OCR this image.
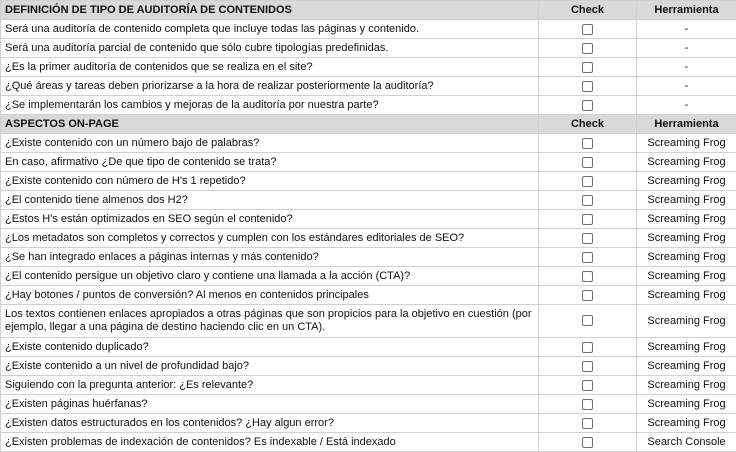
DEFINICIÓN DE TIPO DE AUDITORÍA DE CONTENIDOS	Check	Herramienta
Será una auditoría de contenido completa que incluye todas las páginas y contenido.		-
Será una auditoría parcial de contenido que sólo cubre tipologías predefinidas.		-
¿Es la primer auditoría de contenidos que se realiza en el site?		-
¿Qué áreas y tareas deben priorizarse a la hora de realizar posteriormente la auditoría?		-
¿Se implementarán los cambios y mejoras de la auditoría por nuestra parte?		-
ASPECTOS ON-PAGE	Check	Herramienta
¿Existe contenido con un número bajo de palabras?		Screaming Frog
En caso, afirmativo ¿De que tipo de contenido se trata?		Screaming Frog
¿Existe contenido con número de H's 1 repetido?		Screaming Frog
¿El contenido tiene almenos dos H2?		Screaming Frog
¿Estos H's están optimizados en SEO según el contenido?		Screaming Frog
¿Los metadatos son completos y correctos y cumplen con los estándares editoriales de SEO?		Screaming Frog
¿Se han integrado enlaces a páginas internas y más contenido?		Screaming Frog
¿El contenido persigue un objetivo claro y contiene una llamada a la acción (CTA)?		Screaming Frog
¿Hay botones / puntos de conversión? Al menos en contenidos principales		Screaming Frog
Los textos contienen enlaces apropiados a otras páginas que son propicios para la objetivo en cuestión (por ejemplo, llegar a una página de destino haciendo clic en un CTA).		Screaming Frog
¿Existe contenido duplicado?		Screaming Frog
¿Existe contenido a un nivel de profundidad bajo?		Screaming Frog
Siguiendo con la pregunta anterior: ¿Es relevante?		Screaming Frog
¿Existen páginas huérfanas?		Screaming Frog
¿Existen datos estructurados en los contenidos? ¿Hay algun error?		Screaming Frog
¿Existen problemas de indexación de contenidos? Es indexable / Está indexado		Search Console
